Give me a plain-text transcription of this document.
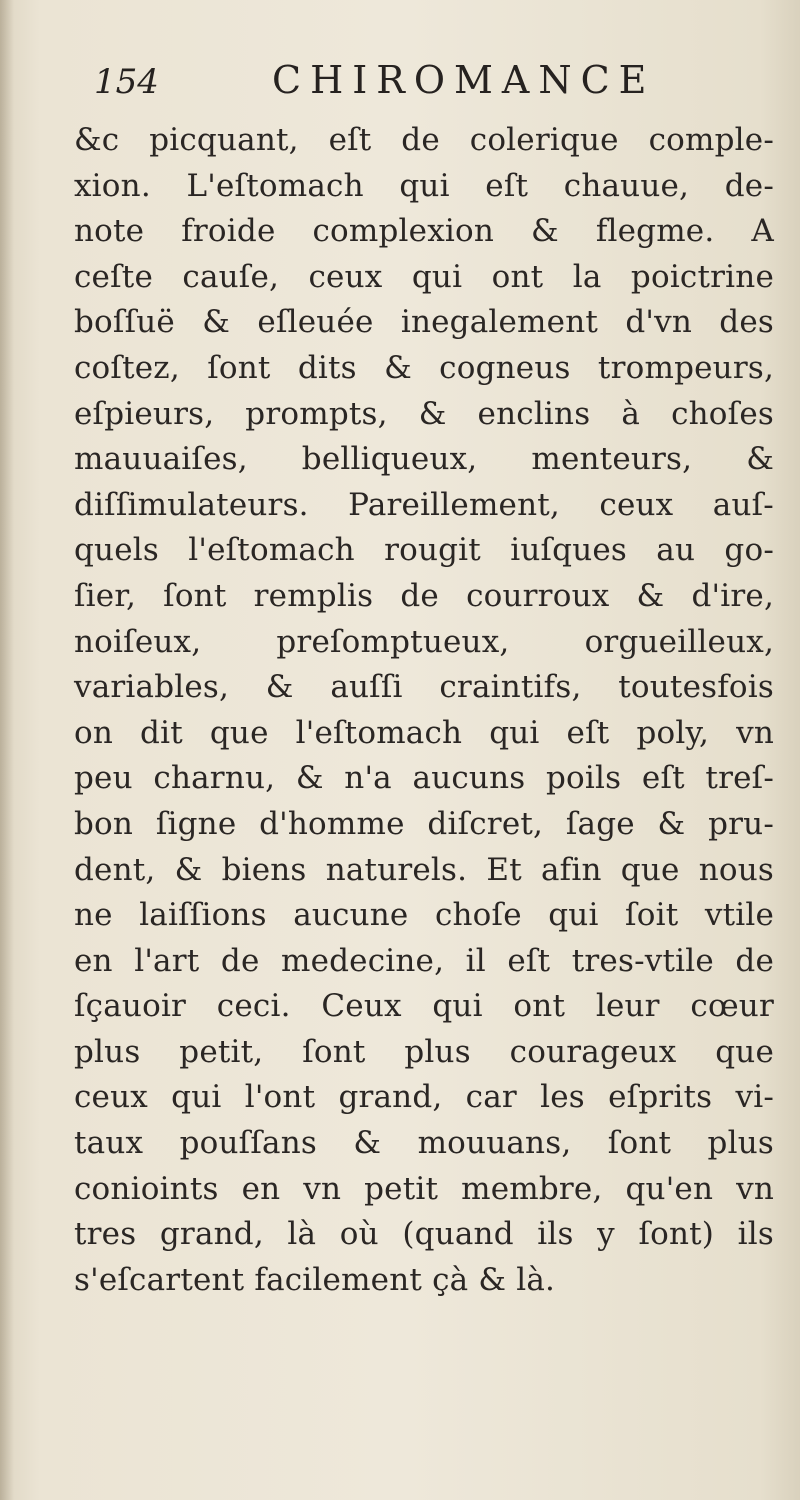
154	CHIROMANCE
&c picquant, eſt de colerique comple-
xion. L'eſtomach qui eſt chauue, de-
note froide complexion & flegme. A
ceſte cauſe, ceux qui ont la poictrine
boſſuë & eſleuée inegalement d'vn des
coſtez, ſont dits & cogneus trompeurs,
eſpieurs, prompts, & enclins à choſes
mauuaiſes, belliqueux, menteurs, &
diſſimulateurs. Pareillement, ceux auſ-
quels l'eſtomach rougit iuſques au go-
ſier, ſont remplis de courroux & d'ire,
noiſeux, preſomptueux, orgueilleux,
variables, & auſſi craintifs, toutesfois
on dit que l'eſtomach qui eſt poly, vn
peu charnu, & n'a aucuns poils eſt treſ-
bon ſigne d'homme diſcret, ſage & pru-
dent, & biens naturels. Et afin que nous
ne laiſſions aucune choſe qui ſoit vtile
en l'art de medecine, il eſt tres-vtile de
ſçauoir ceci. Ceux qui ont leur cœur
plus petit, ſont plus courageux que
ceux qui l'ont grand, car les eſprits vi-
taux pouſſans & mouuans, ſont plus
conioints en vn petit membre, qu'en vn
tres grand, là où (quand ils y ſont) ils
s'eſcartent facilement çà & là.
